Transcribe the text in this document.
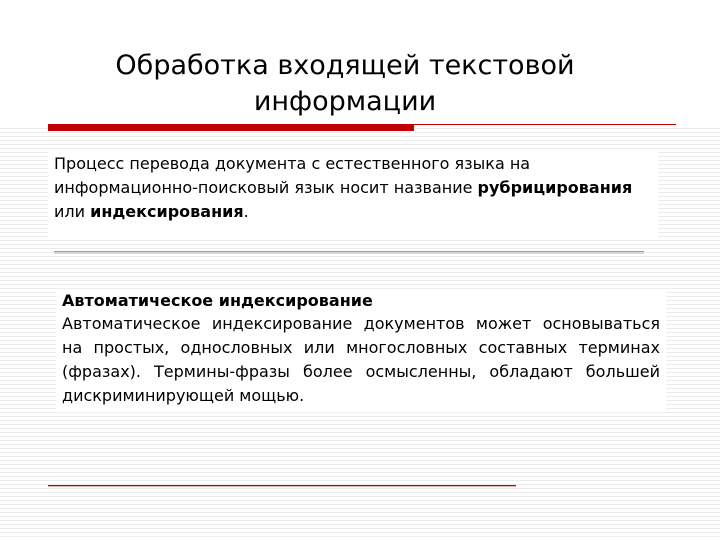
Обработка входящей текстовой информации

Процесс перевода документа с естественного языка на информационно-поисковый язык носит название рубрицирования или индексирования.

Автоматическое индексирование
Автоматическое индексирование документов может основываться на простых, однословных или многословных составных терминах (фразах). Термины-фразы более осмысленны, обладают большей дискриминирующей мощью.
